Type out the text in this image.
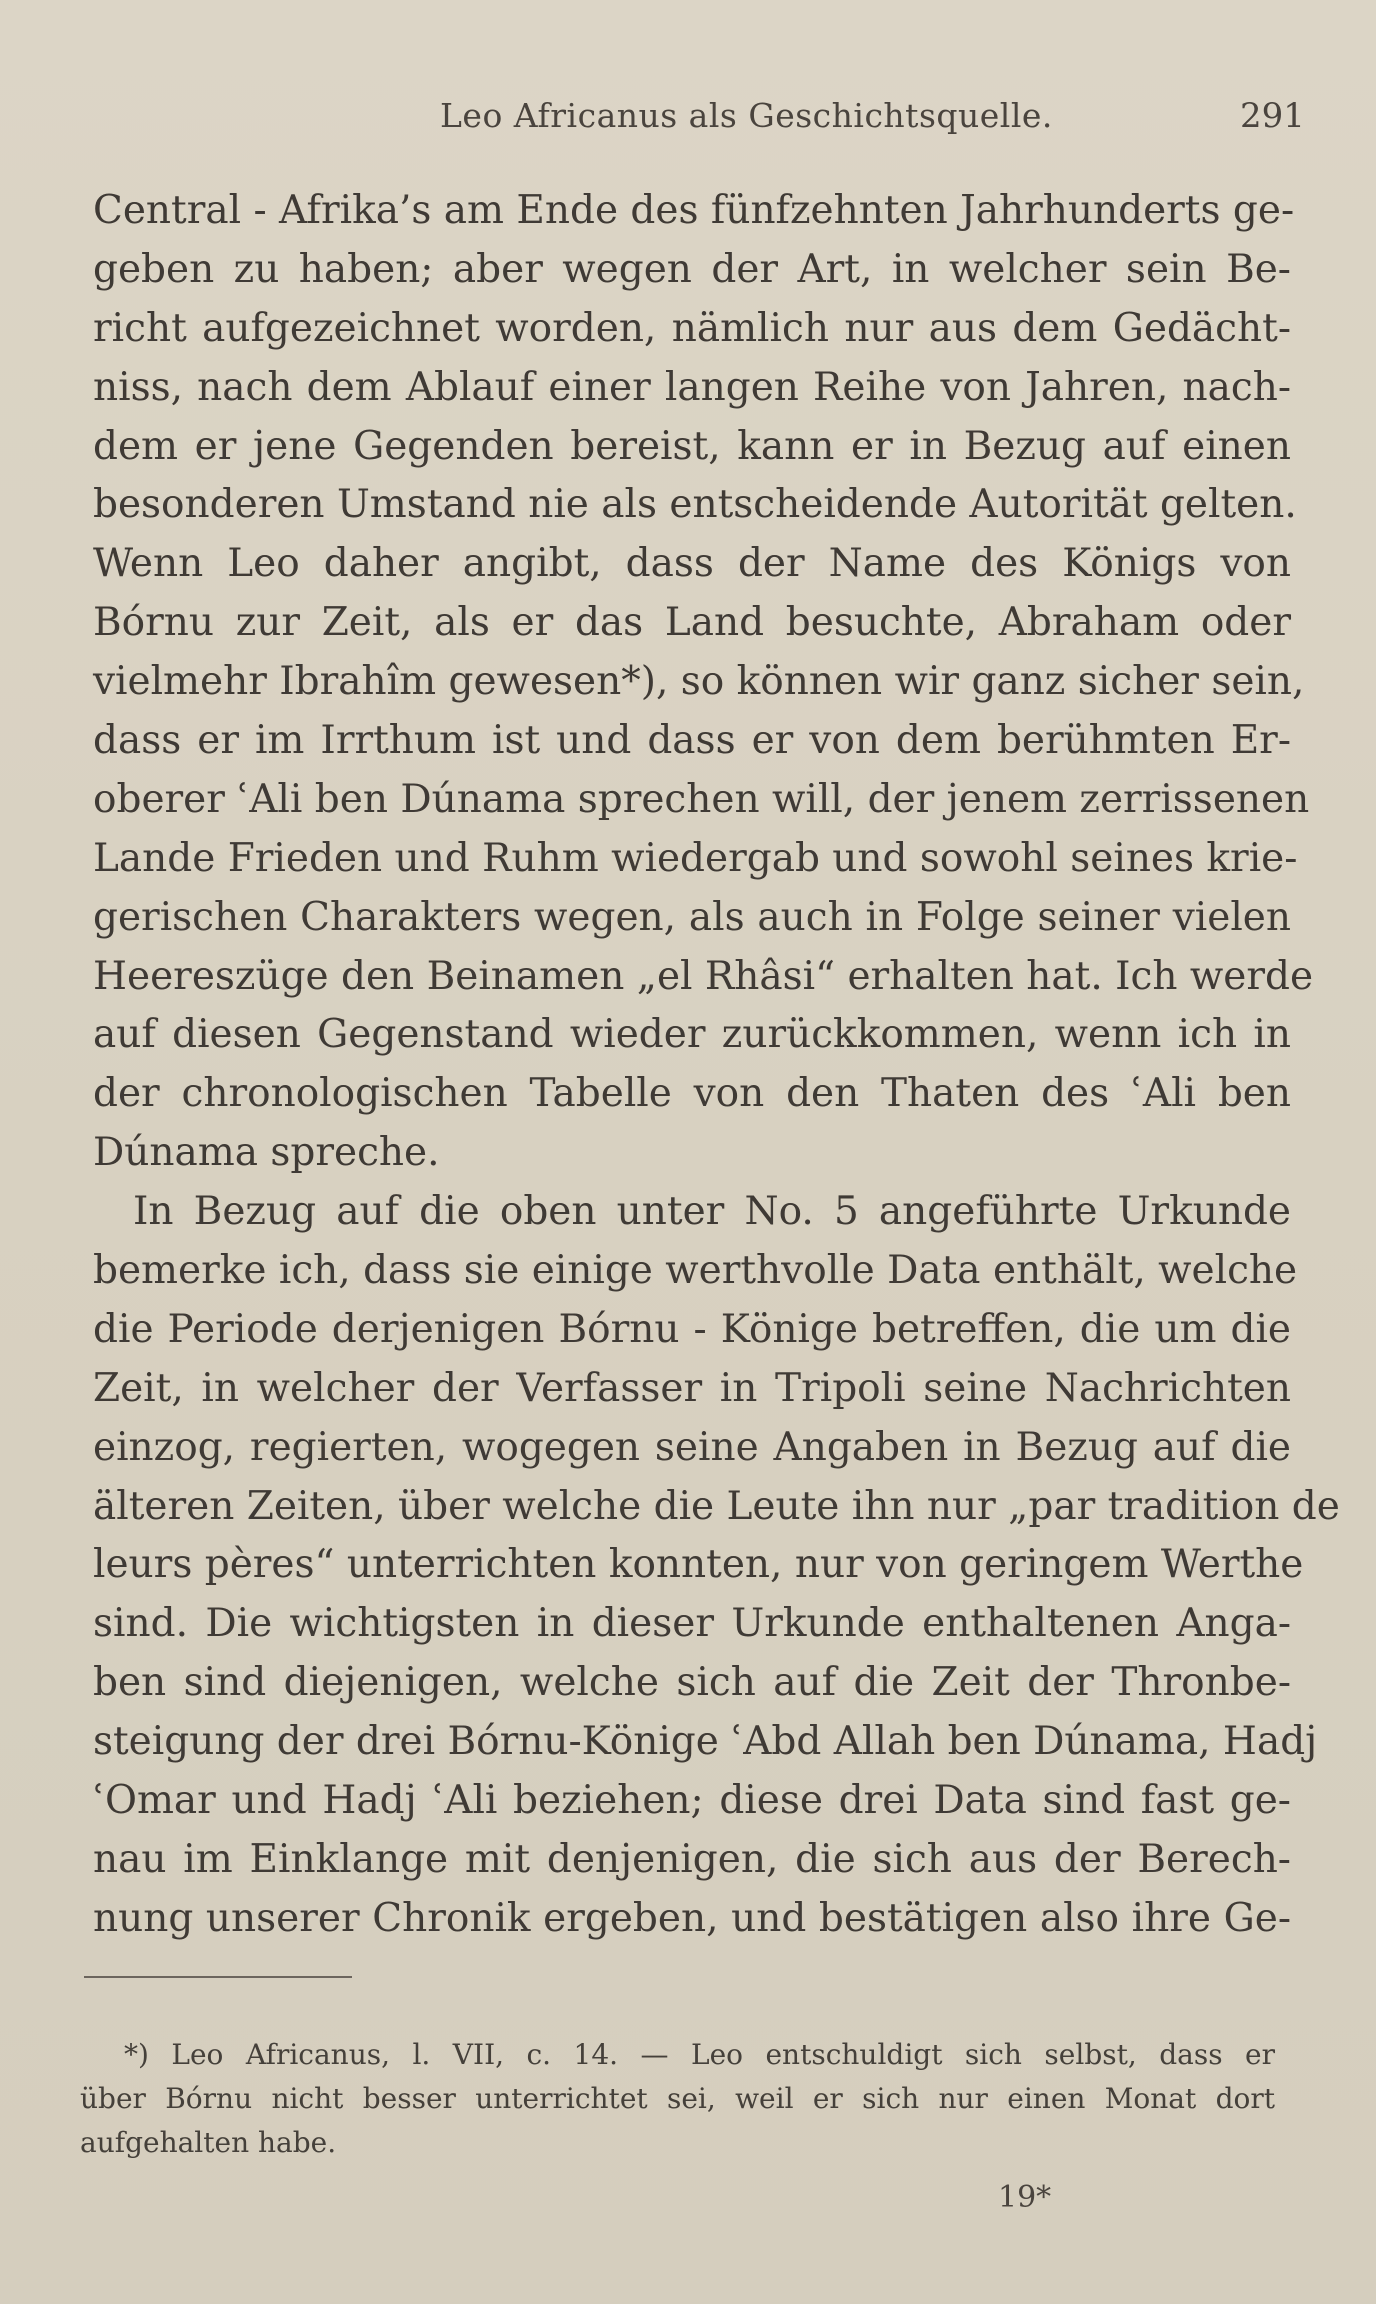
Leo Africanus als Geschichtsquelle.	291
Central - Afrika’s am Ende des fünfzehnten Jahrhunderts ge-
geben zu haben; aber wegen der Art, in welcher sein Be-
richt aufgezeichnet worden, nämlich nur aus dem Gedächt-
niss, nach dem Ablauf einer langen Reihe von Jahren, nach-
dem er jene Gegenden bereist, kann er in Bezug auf einen
besonderen Umstand nie als entscheidende Autorität gelten.
Wenn Leo daher angibt, dass der Name des Königs von
Bórnu zur Zeit, als er das Land besuchte, Abraham oder
vielmehr Ibrahîm gewesen*), so können wir ganz sicher sein,
dass er im Irrthum ist und dass er von dem berühmten Er-
oberer ʿAli ben Dúnama sprechen will, der jenem zerrissenen
Lande Frieden und Ruhm wiedergab und sowohl seines krie-
gerischen Charakters wegen, als auch in Folge seiner vielen
Heereszüge den Beinamen „el Rhâsi“ erhalten hat. Ich werde
auf diesen Gegenstand wieder zurückkommen, wenn ich in
der chronologischen Tabelle von den Thaten des ʿAli ben
Dúnama spreche.
In Bezug auf die oben unter No. 5 angeführte Urkunde
bemerke ich, dass sie einige werthvolle Data enthält, welche
die Periode derjenigen Bórnu - Könige betreffen, die um die
Zeit, in welcher der Verfasser in Tripoli seine Nachrichten
einzog, regierten, wogegen seine Angaben in Bezug auf die
älteren Zeiten, über welche die Leute ihn nur „par tradition de
leurs pères“ unterrichten konnten, nur von geringem Werthe
sind. Die wichtigsten in dieser Urkunde enthaltenen Anga-
ben sind diejenigen, welche sich auf die Zeit der Thronbe-
steigung der drei Bórnu-Könige ʿAbd Allah ben Dúnama, Hadj
ʿOmar und Hadj ʿAli beziehen; diese drei Data sind fast ge-
nau im Einklange mit denjenigen, die sich aus der Berech-
nung unserer Chronik ergeben, und bestätigen also ihre Ge-
*) Leo Africanus, l. VII, c. 14. — Leo entschuldigt sich selbst, dass er
über Bórnu nicht besser unterrichtet sei, weil er sich nur einen Monat dort
aufgehalten habe.
19*
